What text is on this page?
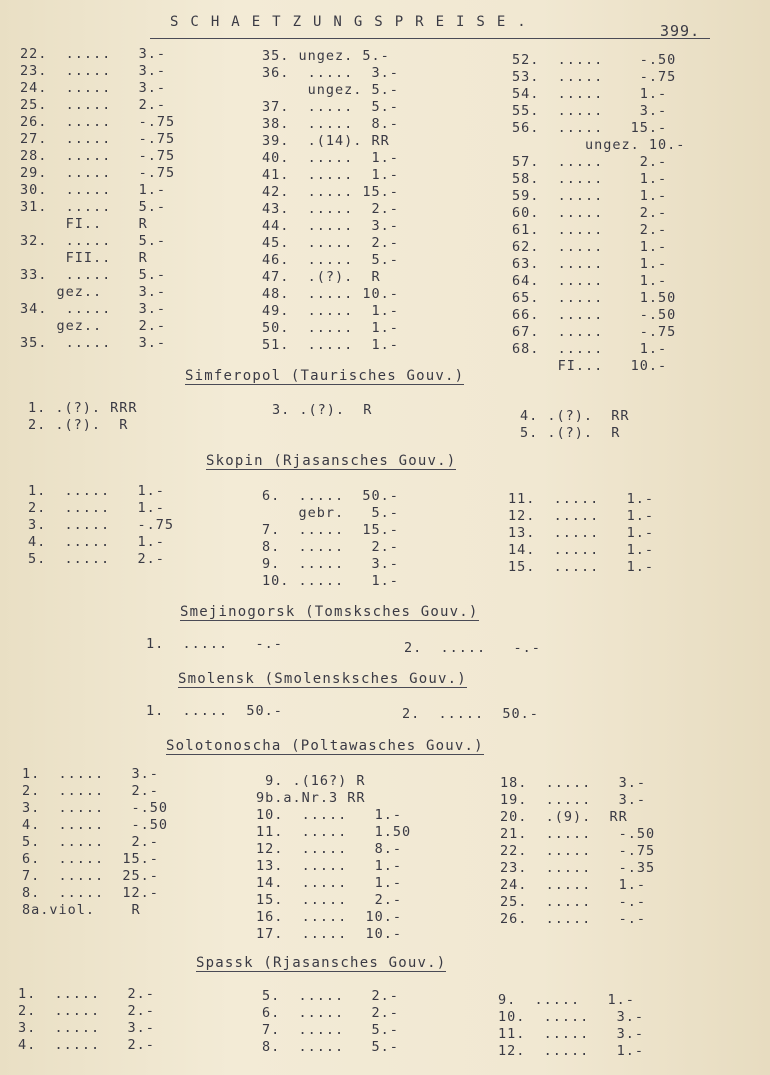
SCHAETZUNGSPREISE.	399.
22.  .....   3.-
23.  .....   3.-
24.  .....   3.-
25.  .....   2.-
26.  .....   -.75
27.  .....   -.75
28.  .....   -.75
29.  .....   -.75
30.  .....   1.-
31.  .....   5.-
FI..    R
32.  .....   5.-
FII..   R
33.  .....   5.-
gez..    3.-
34.  .....   3.-
gez..    2.-
35.  .....   3.-
35. ungez. 5.-
36.  .....  3.-
ungez. 5.-
37.  .....  5.-
38.  .....  8.-
39.  .(14). RR
40.  .....  1.-
41.  .....  1.-
42.  ..... 15.-
43.  .....  2.-
44.  .....  3.-
45.  .....  2.-
46.  .....  5.-
47.  .(?).  R
48.  ..... 10.-
49.  .....  1.-
50.  .....  1.-
51.  .....  1.-
52.  .....    -.50
53.  .....    -.75
54.  .....    1.-
55.  .....    3.-
56.  .....   15.-
ungez. 10.-
57.  .....    2.-
58.  .....    1.-
59.  .....    1.-
60.  .....    2.-
61.  .....    2.-
62.  .....    1.-
63.  .....    1.-
64.  .....    1.-
65.  .....    1.50
66.  .....    -.50
67.  .....    -.75
68.  .....    1.-
FI...   10.-
Simferopol (Taurisches Gouv.)
1. .(?). RRR
2. .(?).  R
3. .(?).  R	4. .(?).  RR
5. .(?).  R
Skopin (Rjasansches Gouv.)
1.  .....   1.-
2.  .....   1.-
3.  .....   -.75
4.  .....   1.-
5.  .....   2.-
6.  .....  50.-
gebr.   5.-
7.  .....  15.-
8.  .....   2.-
9.  .....   3.-
10. .....   1.-
11.  .....   1.-
12.  .....   1.-
13.  .....   1.-
14.  .....   1.-
15.  .....   1.-
Smejinogorsk (Tomsksches Gouv.)
1.  .....   -.-	2.  .....   -.-
Smolensk (Smolensksches Gouv.)
1.  .....  50.-	2.  .....  50.-
Solotonoscha (Poltawasches Gouv.)
1.  .....   3.-
2.  .....   2.-
3.  .....   -.50
4.  .....   -.50
5.  .....   2.-
6.  .....  15.-
7.  .....  25.-
8.  .....  12.-
8a.viol.    R
9. .(16?) R
9b.a.Nr.3 RR
10.  .....   1.-
11.  .....   1.50
12.  .....   8.-
13.  .....   1.-
14.  .....   1.-
15.  .....   2.-
16.  .....  10.-
17.  .....  10.-
18.  .....   3.-
19.  .....   3.-
20.  .(9).  RR
21.  .....   -.50
22.  .....   -.75
23.  .....   -.35
24.  .....   1.-
25.  .....   -.-
26.  .....   -.-
Spassk (Rjasansches Gouv.)
1.  .....   2.-
2.  .....   2.-
3.  .....   3.-
4.  .....   2.-
5.  .....   2.-
6.  .....   2.-
7.  .....   5.-
8.  .....   5.-
9.  .....   1.-
10.  .....   3.-
11.  .....   3.-
12.  .....   1.-
